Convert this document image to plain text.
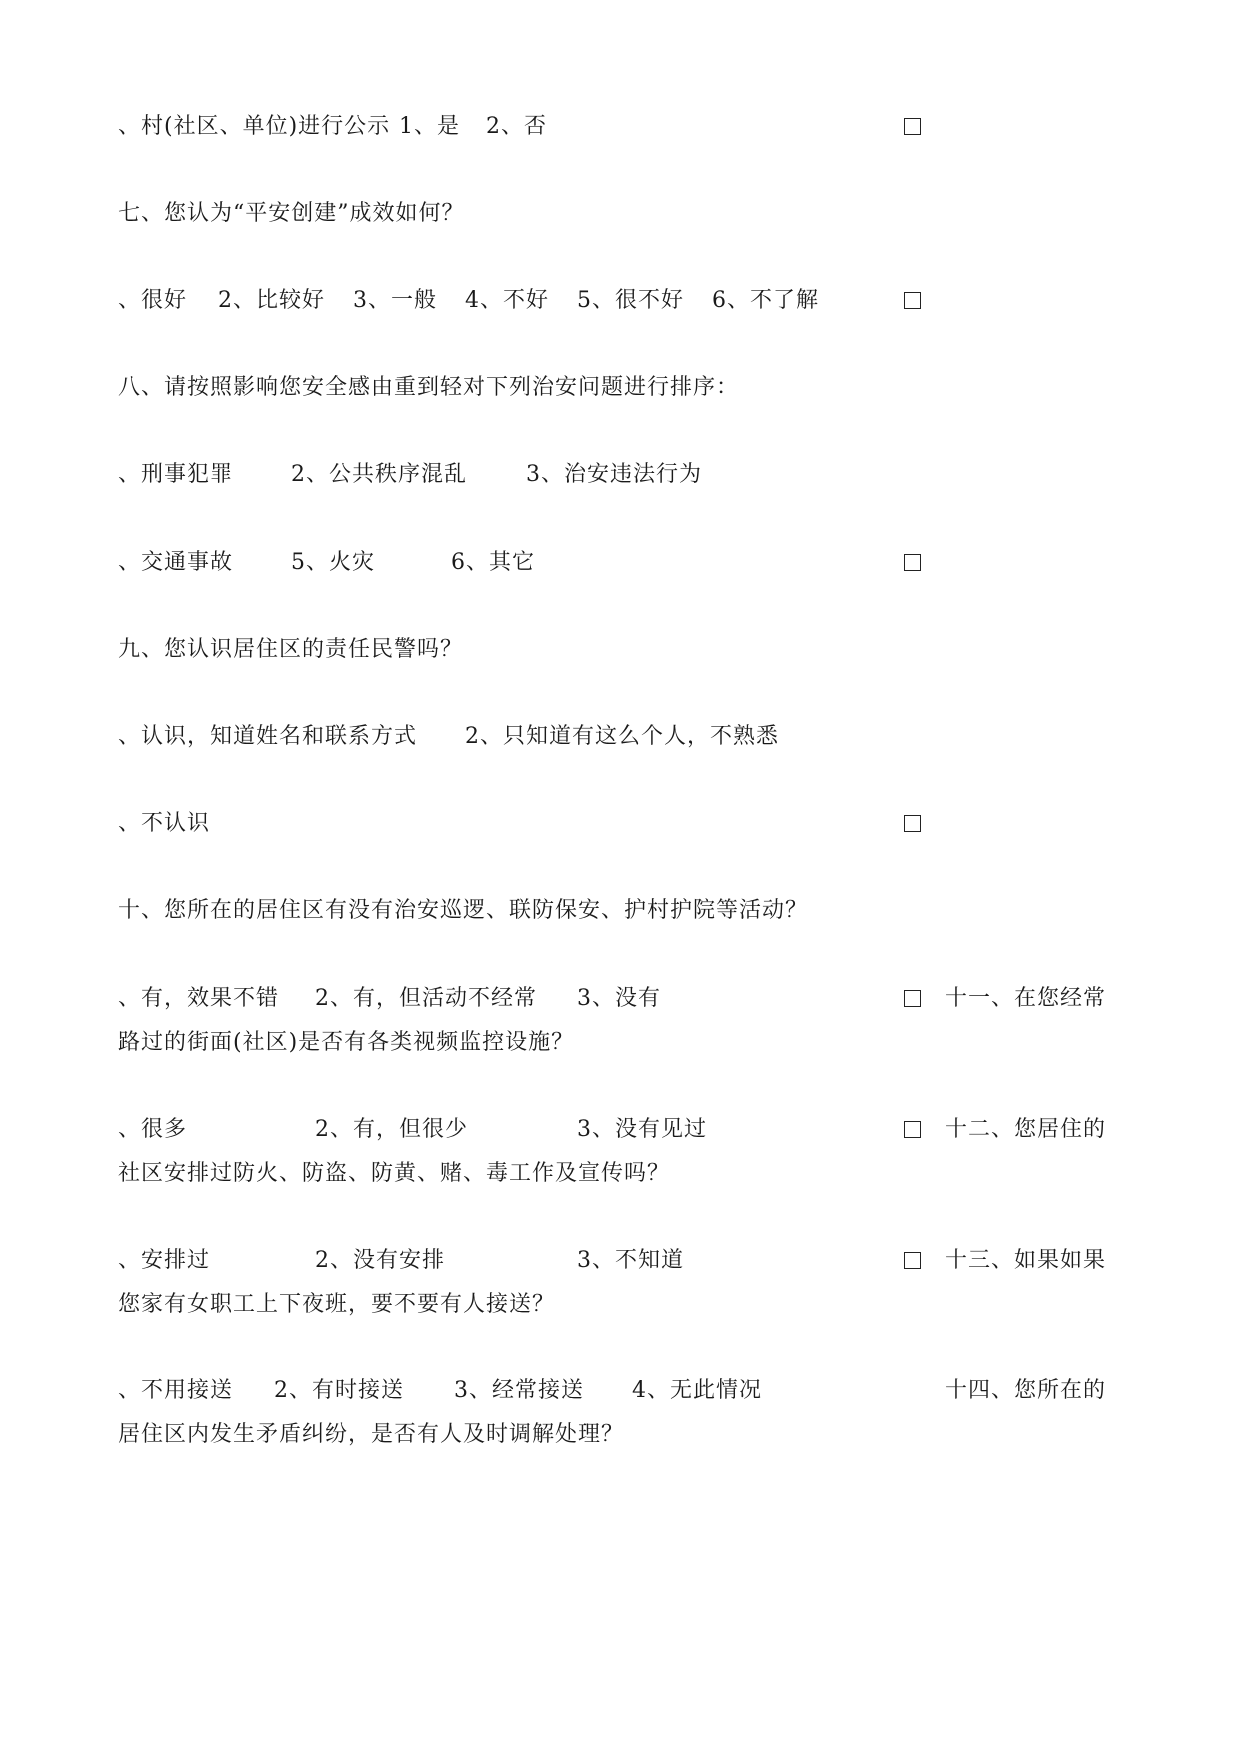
、村(社区、单位)进行公示

1、是

2、否

七、您认为“平安创建”成效如何？

、很好

2、比较好

3、一般

4、不好

5、很不好

6、不了解

八、请按照影响您安全感由重到轻对下列治安问题进行排序：

、刑事犯罪

	2、公共秩序混乱

	3、治安违法行为

、交通事故

	5、火灾

	6、其它

九、您认识居住区的责任民警吗？

、认识，知道姓名和联系方式

2、只知道有这么个人，不熟悉

、不认识

十、您所在的居住区有没有治安巡逻、联防保安、护村护院等活动？

、有，效果不错

2、有，但活动不经常

3、没有

	十一、在您经常

路过的街面(社区)是否有各类视频监控设施？

、很多

	2、有，但很少

	3、没有见过

	十二、您居住的

社区安排过防火、防盗、防黄、赌、毒工作及宣传吗？

、安排过

	2、没有安排

	3、不知道

	十三、如果如果

您家有女职工上下夜班，要不要有人接送？

、不用接送

2、有时接送

3、经常接送

4、无此情况

	十四、您所在的

居住区内发生矛盾纠纷，是否有人及时调解处理？
